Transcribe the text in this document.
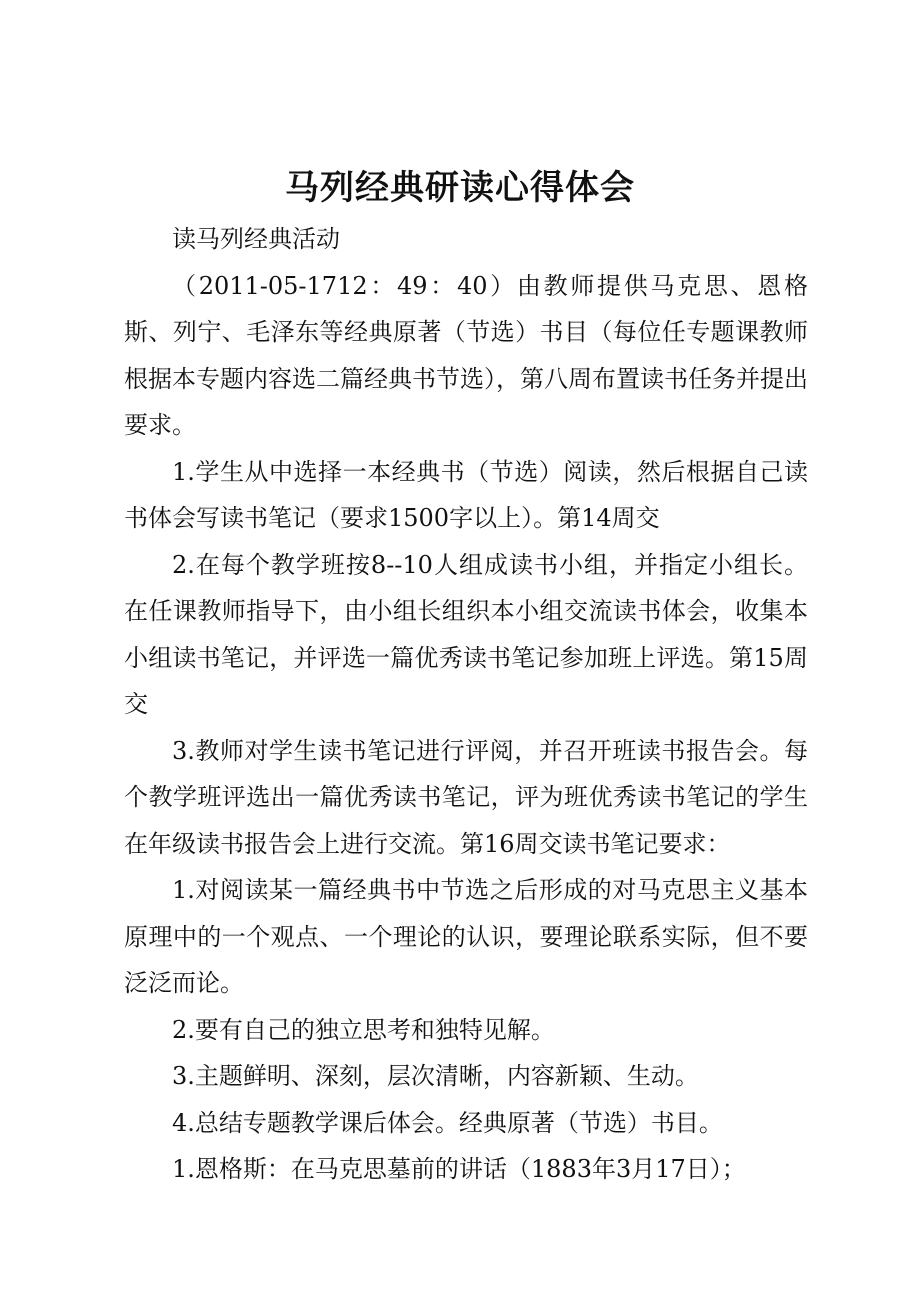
马列经典研读心得体会

读马列经典活动

（2011-05-1712：49：40）由教师提供马克思、恩格斯、列宁、毛泽东等经典原著（节选）书目（每位任专题课教师根据本专题内容选二篇经典书节选），第八周布置读书任务并提出要求。

1.学生从中选择一本经典书（节选）阅读，然后根据自己读书体会写读书笔记（要求1500字以上）。第14周交

2.在每个教学班按8--10人组成读书小组，并指定小组长。在任课教师指导下，由小组长组织本小组交流读书体会，收集本小组读书笔记，并评选一篇优秀读书笔记参加班上评选。第15周交

3.教师对学生读书笔记进行评阅，并召开班读书报告会。每个教学班评选出一篇优秀读书笔记，评为班优秀读书笔记的学生在年级读书报告会上进行交流。第16周交读书笔记要求：

1.对阅读某一篇经典书中节选之后形成的对马克思主义基本原理中的一个观点、一个理论的认识，要理论联系实际，但不要泛泛而论。

2.要有自己的独立思考和独特见解。

3.主题鲜明、深刻，层次清晰，内容新颖、生动。

4.总结专题教学课后体会。经典原著（节选）书目。

1.恩格斯：在马克思墓前的讲话（1883年3月17日）；
